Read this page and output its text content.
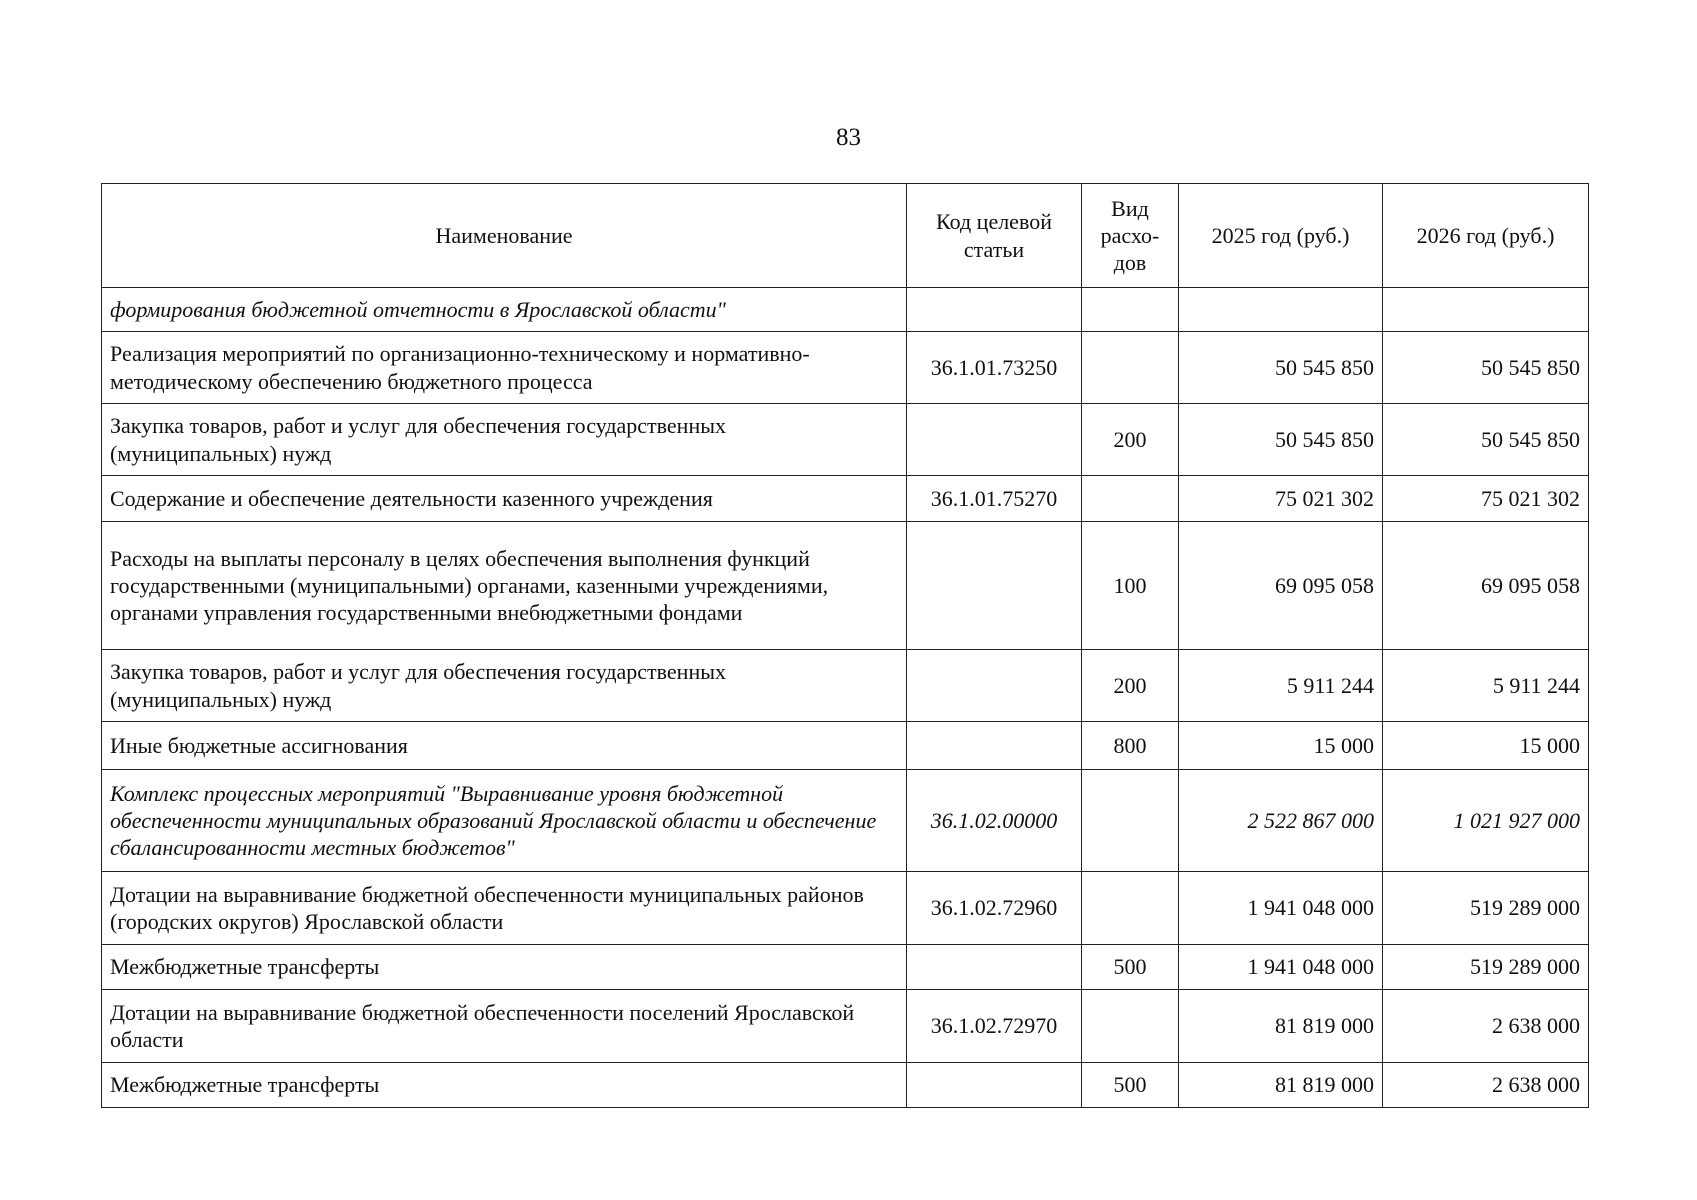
83
Наименование	Код целевой статьи	Вид расхо-дов	2025 год (руб.)	2026 год (руб.)
формирования бюджетной отчетности в Ярославской области"				
Реализация мероприятий по организационно-техническому и нормативно-методическому обеспечению бюджетного процесса	36.1.01.73250		50 545 850	50 545 850
Закупка товаров, работ и услуг для обеспечения государственных (муниципальных) нужд		200	50 545 850	50 545 850
Содержание и обеспечение деятельности казенного учреждения	36.1.01.75270		75 021 302	75 021 302
Расходы на выплаты персоналу в целях обеспечения выполнения функций государственными (муниципальными) органами, казенными учреждениями, органами управления государственными внебюджетными фондами		100	69 095 058	69 095 058
Закупка товаров, работ и услуг для обеспечения государственных (муниципальных) нужд		200	5 911 244	5 911 244
Иные бюджетные ассигнования		800	15 000	15 000
Комплекс процессных мероприятий "Выравнивание уровня бюджетной обеспеченности муниципальных образований Ярославской области и обеспечение сбалансированности местных бюджетов"	36.1.02.00000		2 522 867 000	1 021 927 000
Дотации на выравнивание бюджетной обеспеченности муниципальных районов (городских округов) Ярославской области	36.1.02.72960		1 941 048 000	519 289 000
Межбюджетные трансферты		500	1 941 048 000	519 289 000
Дотации на выравнивание бюджетной обеспеченности поселений Ярославской области	36.1.02.72970		81 819 000	2 638 000
Межбюджетные трансферты		500	81 819 000	2 638 000
